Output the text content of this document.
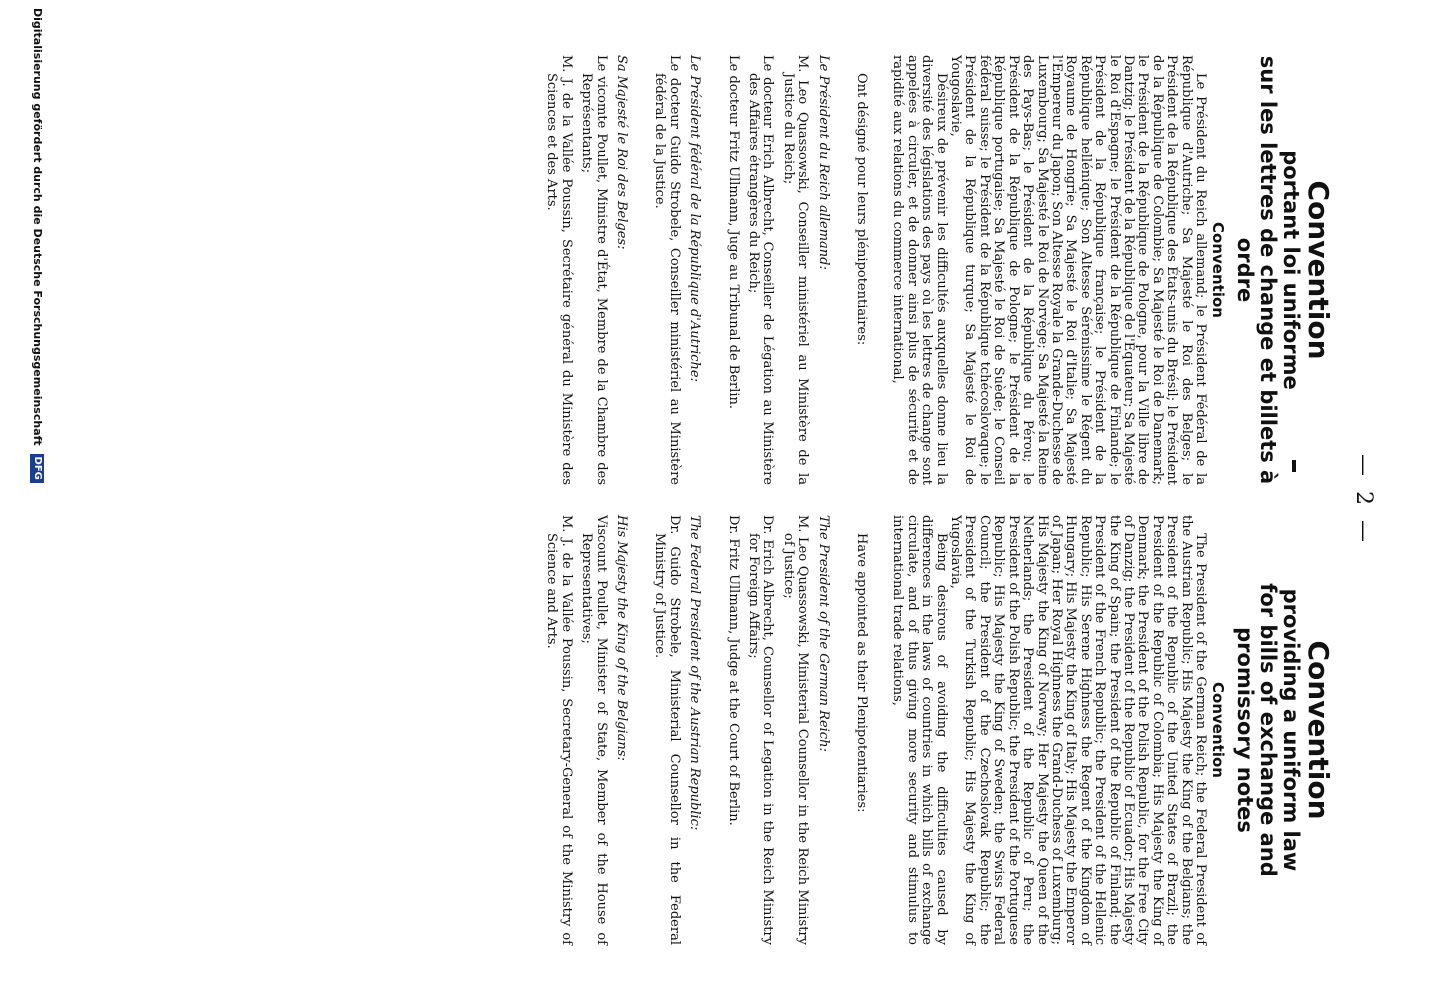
— 2 —
Convention
portant loi uniforme
sur les lettres de change et billets à ordre
Convention

Le Président du Reich allemand; le Président Fédéral de la République d'Autriche; Sa Majesté le Roi des Belges; le Président de la République des États-unis du Brésil; le Président de la République de Colombie; Sa Majesté le Roi de Danemark; le Président de la République de Pologne, pour la Ville libre de Dantzig; le Président de la République de l'Équateur; Sa Majesté le Roi d'Espagne; le Président de la République de Finlande; le Président de la République française; le Président de la République hellénique; Son Altesse Sérénissime le Régent du Royaume de Hongrie; Sa Majesté le Roi d'Italie; Sa Majesté l'Empereur du Japon; Son Altesse Royale la Grande-Duchesse de Luxembourg; Sa Majesté le Roi de Norvège; Sa Majesté la Reine des Pays-Bas; le Président de la République du Pérou; le Président de la République de Pologne; le Président de la République portugaise; Sa Majesté le Roi de Suède; le Conseil fédéral suisse; le Président de la République tchécoslovaque; le Président de la République turque; Sa Majesté le Roi de Yougoslavie,

Désireux de prévenir les difficultés auxquelles donne lieu la diversité des législations des pays où les lettres de change sont appelées à circuler, et de donner ainsi plus de sécurité et de rapidité aux relations du commerce international,

Ont désigné pour leurs plénipotentiaires:

Le Président du Reich allemand:

M. Leo Quassowski, Conseiller ministériel au Ministère de la Justice du Reich;

Le docteur Erich Albrecht, Conseiller de Légation au Ministère des Affaires étrangères du Reich;

Le docteur Fritz Ullmann, Juge au Tribunal de Berlin.

Le Président fédéral de la République d'Autriche:

Le docteur Guido Strobele, Conseiller ministériel au Ministère fédéral de la Justice.

Sa Majesté le Roi des Belges:

Le vicomte Poullet, Ministre d'État, Membre de la Chambre des Représentants;

M. J. de la Vallée Poussin, Secrétaire général du Ministère des Sciences et des Arts.

Convention
providing a uniform law
for bills of exchange and promissory notes
Convention

The President of the German Reich; the Federal President of the Austrian Republic; His Majesty the King of the Belgians; the President of the Republic of the United States of Brazil; the President of the Republic of Colombia; His Majesty the King of Denmark; the President of the Polish Republic, for the Free City of Danzig; the President of the Republic of Ecuador; His Majesty the King of Spain; the President of the Republic of Finland; the President of the French Republic; the President of the Hellenic Republic; His Serene Highness the Regent of the Kingdom of Hungary; His Majesty the King of Italy; His Majesty the Emperor of Japan; Her Royal Highness the Grand-Duchess of Luxemburg; His Majesty the King of Norway; Her Majesty the Queen of the Netherlands; the President of the Republic of Peru; the President of the Polish Republic; the President of the Portuguese Republic; His Majesty the King of Sweden; the Swiss Federal Council; the President of the Czechoslovak Republic; the President of the Turkish Republic; His Majesty the King of Yugoslavia,

Being desirous of avoiding the difficulties caused by differences in the laws of countries in which bills of exchange circulate, and of thus giving more security and stimulus to international trade relations,

Have appointed as their Plenipotentiaries:

The President of the German Reich:

M. Leo Quassowski, Ministerial Counsellor in the Reich Ministry of Justice;

Dr. Erich Albrecht, Counsellor of Legation in the Reich Ministry for Foreign Affairs;

Dr. Fritz Ullmann, Judge at the Court of Berlin.

The Federal President of the Austrian Republic:

Dr. Guido Strobele, Ministerial Counsellor in the Federal Ministry of Justice.

His Majesty the King of the Belgians:

Viscount Poullet, Minister of State, Member of the House of Representatives;

M. J. de la Vallée Poussin, Secretary-General of the Ministry of Science and Arts.

Digitalisierung gefördert durch die Deutsche Forschungsgemeinschaft DFG
